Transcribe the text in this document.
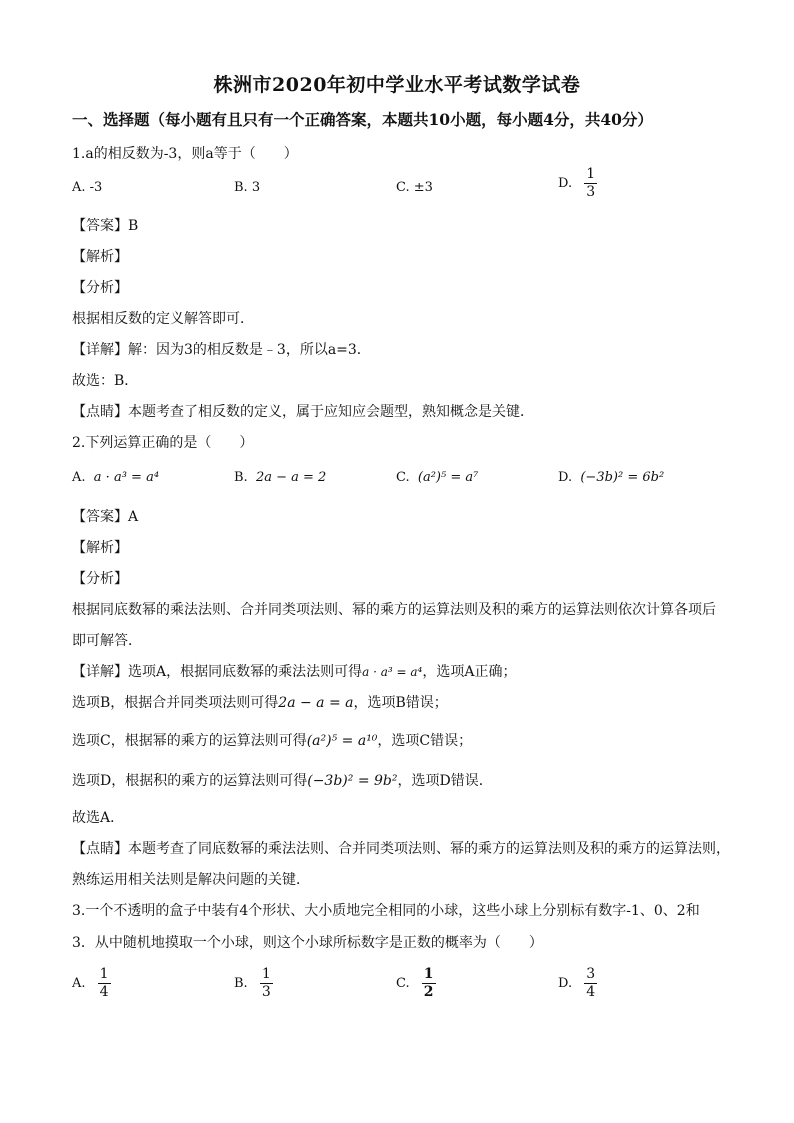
株洲市2020年初中学业水平考试数学试卷
一、选择题（每小题有且只有一个正确答案，本题共10小题，每小题4分，共40分）
1.a的相反数为-3，则a等于（　　）
A. -3	B. 3	C. ±3	D. $\frac{1}{3}$
【答案】B
【解析】
【分析】
根据相反数的定义解答即可．
【详解】解：因为3的相反数是﹣3，所以a=3．
故选：B．
【点睛】本题考查了相反数的定义，属于应知应会题型，熟知概念是关键．
2.下列运算正确的是（　　）
A. a · a³ = a⁴	B. 2a − a = 2	C. (a²)⁵ = a⁷	D. (−3b)² = 6b²
【答案】A
【解析】
【分析】
根据同底数幂的乘法法则、合并同类项法则、幂的乘方的运算法则及积的乘方的运算法则依次计算各项后
即可解答．
【详解】选项A，根据同底数幂的乘法法则可得a · a³ = a⁴，选项A正确；
选项B，根据合并同类项法则可得2a − a = a，选项B错误；
选项C，根据幂的乘方的运算法则可得(a²)⁵ = a¹⁰，选项C错误；
选项D，根据积的乘方的运算法则可得(−3b)² = 9b²，选项D错误．
故选A．
【点睛】本题考查了同底数幂的乘法法则、合并同类项法则、幂的乘方的运算法则及积的乘方的运算法则，
熟练运用相关法则是解决问题的关键．
3.一个不透明的盒子中装有4个形状、大小质地完全相同的小球，这些小球上分别标有数字-1、0、2和
3．从中随机地摸取一个小球，则这个小球所标数字是正数的概率为（　　）
A. $\frac{1}{4}$	B. $\frac{1}{3}$	C. $\frac{1}{2}$	D. $\frac{3}{4}$
